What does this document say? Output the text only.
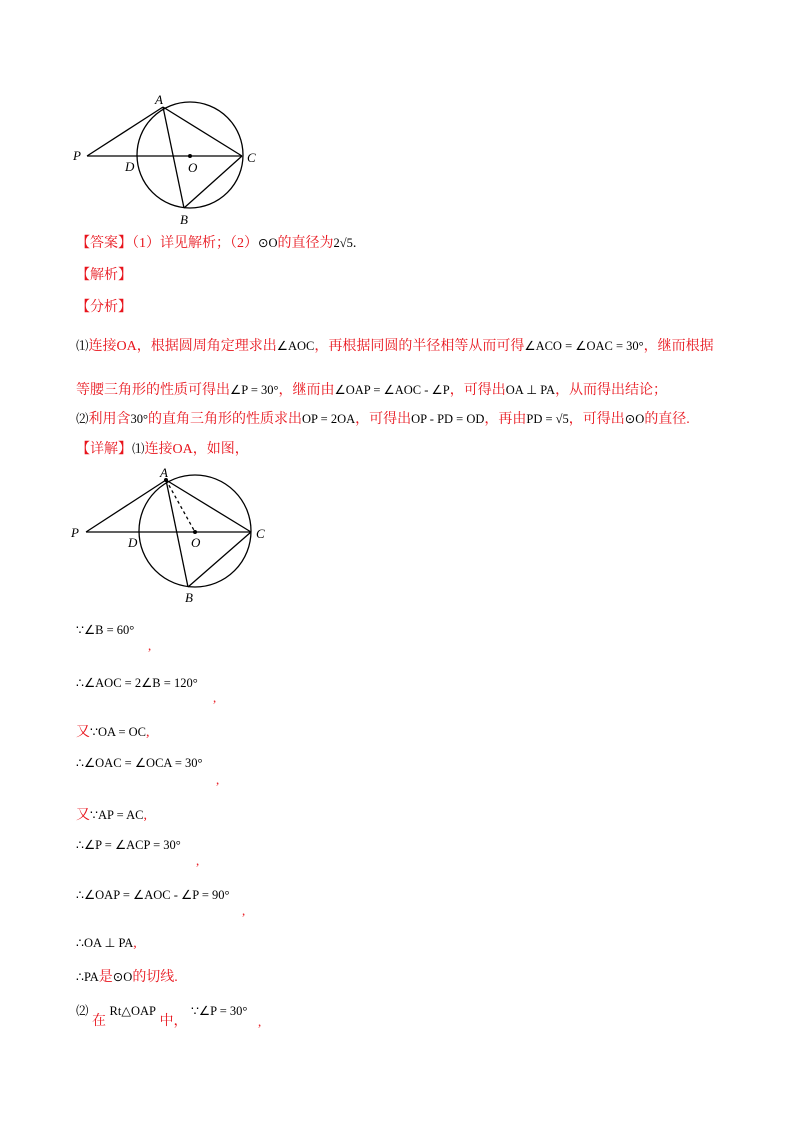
A
B
C
D	O
P
【答案】（1）详见解析；（2）⊙O的直径为2√5.
【解析】
【分析】
⑴连接OA，根据圆周角定理求出∠AOC，再根据同圆的半径相等从而可得∠ACO = ∠OAC = 30°，继而根据
等腰三角形的性质可得出∠P = 30°，继而由∠OAP = ∠AOC - ∠P，可得出OA ⊥ PA，从而得出结论；
⑵利用含30°的直角三角形的性质求出OP = 2OA，可得出OP - PD = OD，再由PD = √5，可得出⊙O的直径.
【详解】⑴连接OA，如图，
A
B
C
D	O
P
∵∠B = 60°
,
∴∠AOC = 2∠B = 120°
,
又∵OA = OC,
∴∠OAC = ∠OCA = 30°
,
又∵AP = AC,
∴∠P = ∠ACP = 30°
,
∴∠OAP = ∠AOC - ∠P = 90°
,
∴OA ⊥ PA,
∴PA是⊙O的切线.
⑵ 在 Rt△OAP 中， ∵∠P = 30°
,
